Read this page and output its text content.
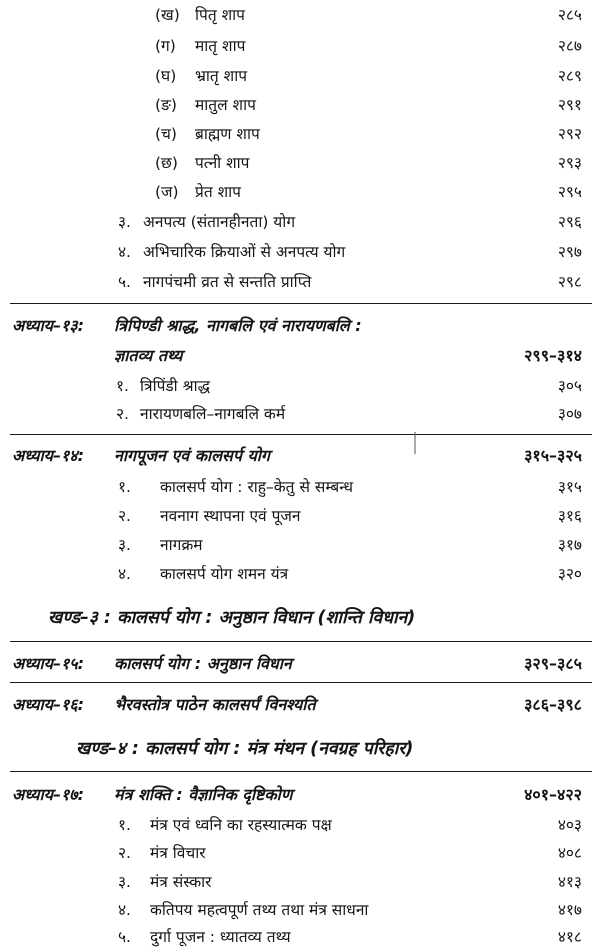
(ख) पितृ शाप	२८५
(ग) मातृ शाप	२८७
(घ) भ्रातृ शाप	२८९
(ङ) मातुल शाप	२९१
(च) ब्राह्मण शाप	२९२
(छ) पत्नी शाप	२९३
(ज) प्रेत शाप	२९५
३. अनपत्य (संतानहीनता) योग	२९६
४. अभिचारिक क्रियाओं से अनपत्य योग	२९७
५. नागपंचमी व्रत से सन्तति प्राप्ति	२९८
अध्याय–१३: त्रिपिण्डी श्राद्ध, नागबलि एवं नारायणबलि :
ज्ञातव्य तथ्य	२९९–३१४
१. त्रिपिंडी श्राद्ध	३०५
२. नारायणबलि–नागबलि कर्म	३०७
अध्याय–१४: नागपूजन एवं कालसर्प योग	३१५–३२५
१. कालसर्प योग : राहु–केतु से सम्बन्ध	३१५
२. नवनाग स्थापना एवं पूजन	३१६
३. नागक्रम	३१७
४. कालसर्प योग शमन यंत्र	३२०
खण्ड–३ : कालसर्प योग : अनुष्ठान विधान (शान्ति विधान)
अध्याय–१५: कालसर्प योग : अनुष्ठान विधान	३२९–३८५
अध्याय–१६: भैरवस्तोत्र पाठेन कालसर्पं विनश्यति	३८६–३९८
खण्ड–४ : कालसर्प योग : मंत्र मंथन (नवग्रह परिहार)
अध्याय–१७: मंत्र शक्ति : वैज्ञानिक दृष्टिकोण	४०१–४२२
१. मंत्र एवं ध्वनि का रहस्यात्मक पक्ष	४०३
२. मंत्र विचार	४०८
३. मंत्र संस्कार	४१३
४. कतिपय महत्वपूर्ण तथ्य तथा मंत्र साधना	४१७
५. दुर्गा पूजन : ध्यातव्य तथ्य	४१८
